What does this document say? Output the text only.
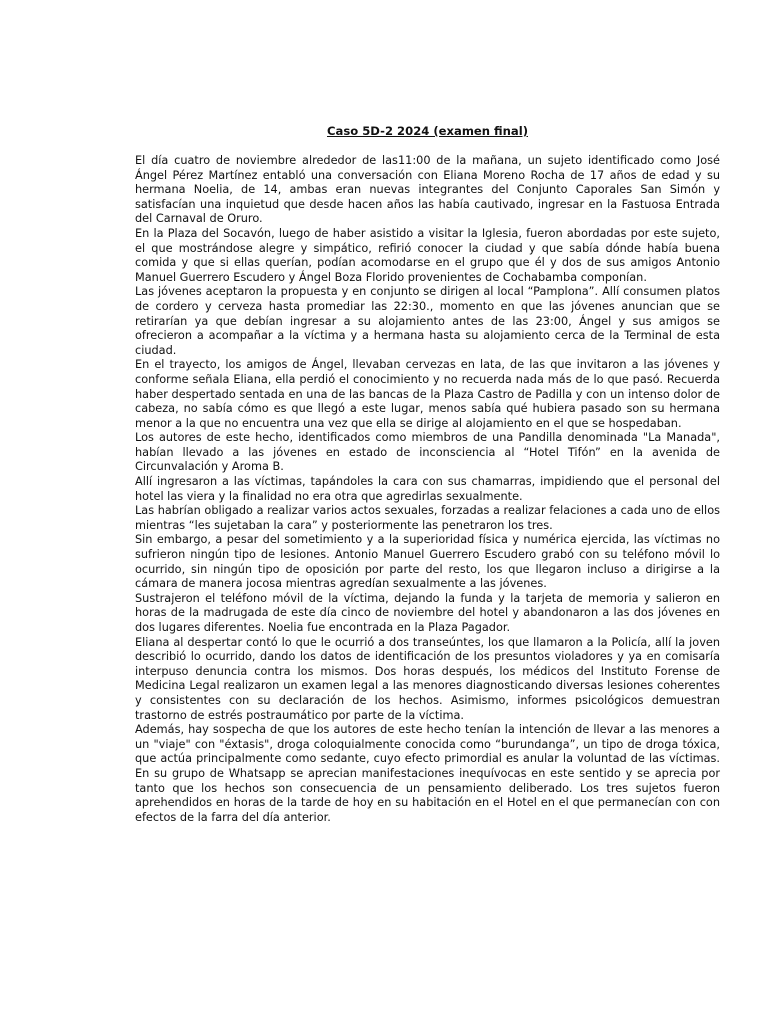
Caso 5D-2 2024 (examen final)

El día cuatro de noviembre alrededor de las11:00 de la mañana, un sujeto identificado como José Ángel Pérez Martínez entabló una conversación con Eliana Moreno Rocha de 17 años de edad y su hermana Noelia, de 14, ambas eran nuevas integrantes del Conjunto Caporales San Simón y satisfacían una inquietud que desde hacen años las había cautivado, ingresar en la Fastuosa Entrada del Carnaval de Oruro.

En la Plaza del Socavón, luego de haber asistido a visitar la Iglesia, fueron abordadas por este sujeto, el que mostrándose alegre y simpático, refirió conocer la ciudad y que sabía dónde había buena comida y que si ellas querían, podían acomodarse en el grupo que él y dos de sus amigos Antonio Manuel Guerrero Escudero y Ángel Boza Florido provenientes de Cochabamba componían.

Las jóvenes aceptaron la propuesta y en conjunto se dirigen al local “Pamplona”. Allí consumen platos de cordero y cerveza hasta promediar las 22:30., momento en que las jóvenes anuncian que se retirarían ya que debían ingresar a su alojamiento antes de las 23:00, Ángel y sus amigos se ofrecieron a acompañar a la víctima y a hermana hasta su alojamiento cerca de la Terminal de esta ciudad.

En el trayecto, los amigos de Ángel, llevaban cervezas en lata, de las que invitaron a las jóvenes y conforme señala Eliana, ella perdió el conocimiento y no recuerda nada más de lo que pasó. Recuerda haber despertado sentada en una de las bancas de la Plaza Castro de Padilla y con un intenso dolor de cabeza, no sabía cómo es que llegó a este lugar, menos sabía qué hubiera pasado son su hermana menor a la que no encuentra una vez que ella se dirige al alojamiento en el que se hospedaban.

Los autores de este hecho, identificados como miembros de una Pandilla denominada "La Manada", habían llevado a las jóvenes en estado de inconsciencia al “Hotel Tifón” en la avenida de Circunvalación y Aroma B.

Allí ingresaron a las víctimas, tapándoles la cara con sus chamarras, impidiendo que el personal del hotel las viera y la finalidad no era otra que agredirlas sexualmente.

Las habrían obligado a realizar varios actos sexuales, forzadas a realizar felaciones a cada uno de ellos mientras “les sujetaban la cara” y posteriormente las penetraron los tres.

Sin embargo, a pesar del sometimiento y a la superioridad física y numérica ejercida, las víctimas no sufrieron ningún tipo de lesiones. Antonio Manuel Guerrero Escudero grabó con su teléfono móvil lo ocurrido, sin ningún tipo de oposición por parte del resto, los que llegaron incluso a dirigirse a la cámara de manera jocosa mientras agredían sexualmente a las jóvenes.

Sustrajeron el teléfono móvil de la víctima, dejando la funda y la tarjeta de memoria y salieron en horas de la madrugada de este día cinco de noviembre del hotel y abandonaron a las dos jóvenes en dos lugares diferentes. Noelia fue encontrada en la Plaza Pagador.

Eliana al despertar contó lo que le ocurrió a dos transeúntes, los que llamaron a la Policía, allí la joven describió lo ocurrido, dando los datos de identificación de los presuntos violadores y ya en comisaría interpuso denuncia contra los mismos. Dos horas después, los médicos del Instituto Forense de Medicina Legal realizaron un examen legal a las menores diagnosticando diversas lesiones coherentes y consistentes con su declaración de los hechos. Asimismo, informes psicológicos demuestran trastorno de estrés postraumático por parte de la víctima.

Además, hay sospecha de que los autores de este hecho tenían la intención de llevar a las menores a un "viaje" con "éxtasis", droga coloquialmente conocida como “burundanga”, un tipo de droga tóxica, que actúa principalmente como sedante, cuyo efecto primordial es anular la voluntad de las víctimas. En su grupo de Whatsapp se aprecian manifestaciones inequívocas en este sentido y se aprecia por tanto que los hechos son consecuencia de un pensamiento deliberado. Los tres sujetos fueron aprehendidos en horas de la tarde de hoy en su habitación en el Hotel en el que permanecían con con efectos de la farra del día anterior.
